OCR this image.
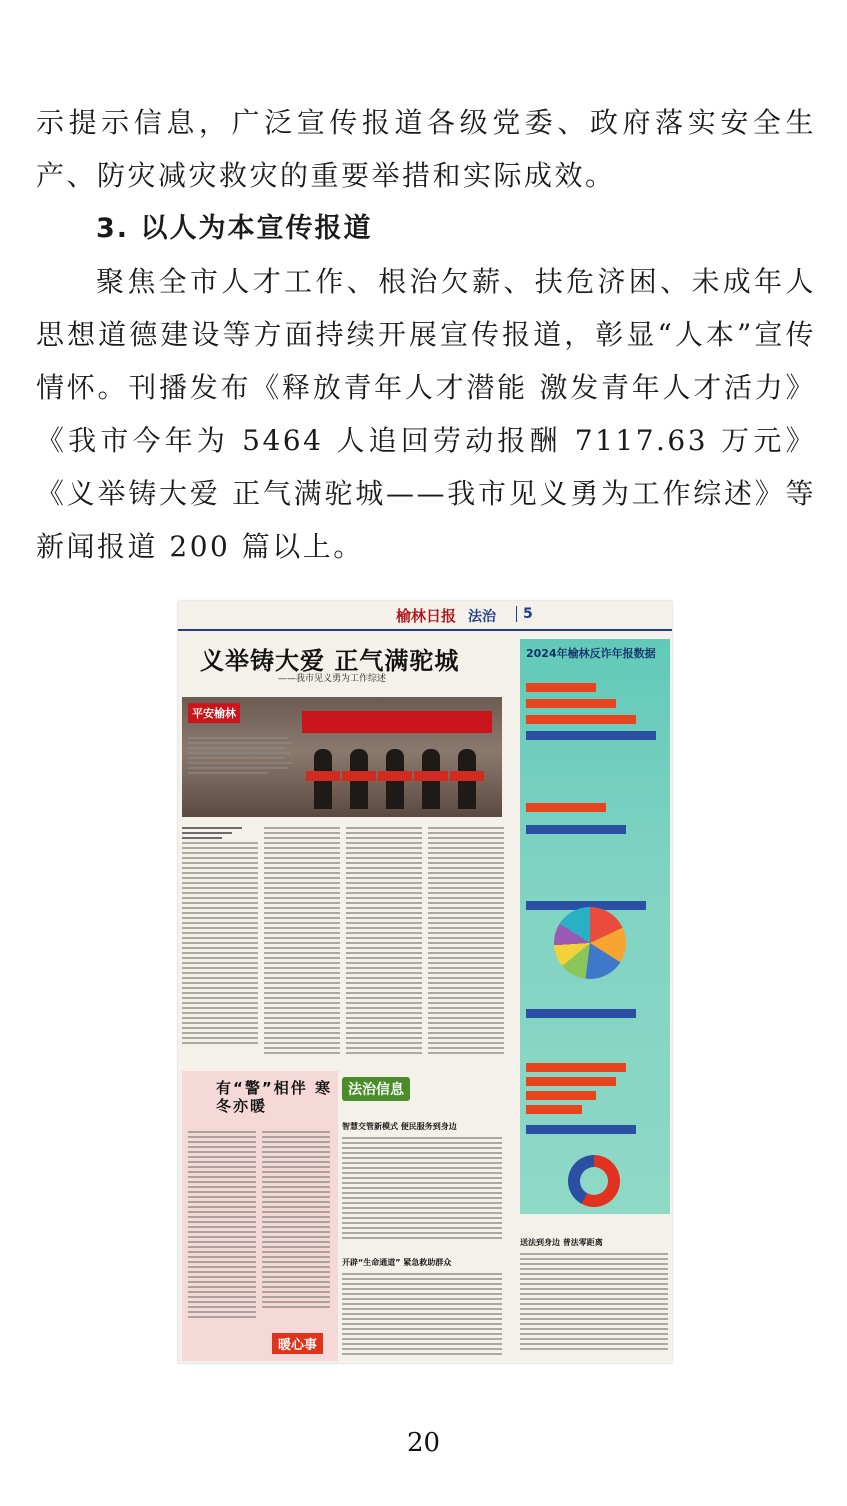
示提示信息，广泛宣传报道各级党委、政府落实安全生产、防灾减灾救灾的重要举措和实际成效。

3. 以人为本宣传报道

聚焦全市人才工作、根治欠薪、扶危济困、未成年人思想道德建设等方面持续开展宣传报道，彰显“人本”宣传情怀。刊播发布《释放青年人才潜能 激发青年人才活力》《我市今年为 5464 人追回劳动报酬 7117.63 万元》《义举铸大爱 正气满驼城——我市见义勇为工作综述》等新闻报道 200 篇以上。

榆林日报 法治	5
义举铸大爱 正气满驼城
——我市见义勇为工作综述
平安榆林
2024年榆林反诈年报数据
有“警”相伴 寒冬亦暖
暖心事
法治信息
智慧交管新模式 便民服务到身边
开辟“生命通道” 紧急救助群众
送法到身边 普法零距离
20
